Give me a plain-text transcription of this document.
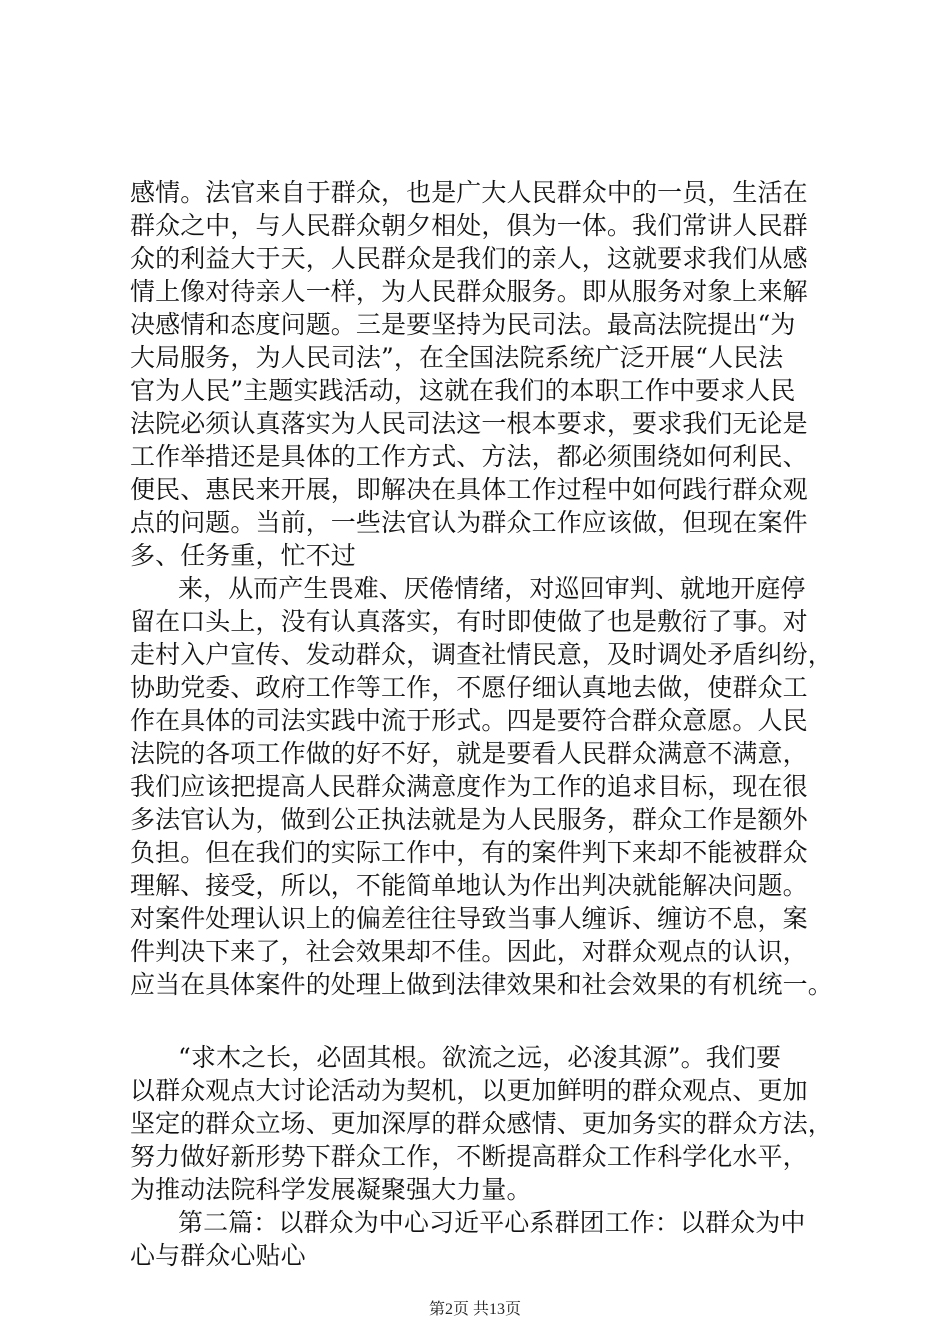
感情。法官来自于群众，也是广大人民群众中的一员，生活在
群众之中，与人民群众朝夕相处，俱为一体。我们常讲人民群
众的利益大于天，人民群众是我们的亲人，这就要求我们从感
情上像对待亲人一样，为人民群众服务。即从服务对象上来解
决感情和态度问题。三是要坚持为民司法。最高法院提出“为
大局服务，为人民司法”，在全国法院系统广泛开展“人民法
官为人民”主题实践活动，这就在我们的本职工作中要求人民
法院必须认真落实为人民司法这一根本要求，要求我们无论是
工作举措还是具体的工作方式、方法，都必须围绕如何利民、
便民、惠民来开展，即解决在具体工作过程中如何践行群众观
点的问题。当前，一些法官认为群众工作应该做，但现在案件
多、任务重，忙不过
来，从而产生畏难、厌倦情绪，对巡回审判、就地开庭停
留在口头上，没有认真落实，有时即使做了也是敷衍了事。对
走村入户宣传、发动群众，调查社情民意，及时调处矛盾纠纷，
协助党委、政府工作等工作，不愿仔细认真地去做，使群众工
作在具体的司法实践中流于形式。四是要符合群众意愿。人民
法院的各项工作做的好不好，就是要看人民群众满意不满意，
我们应该把提高人民群众满意度作为工作的追求目标，现在很
多法官认为，做到公正执法就是为人民服务，群众工作是额外
负担。但在我们的实际工作中，有的案件判下来却不能被群众
理解、接受，所以，不能简单地认为作出判决就能解决问题。
对案件处理认识上的偏差往往导致当事人缠诉、缠访不息，案
件判决下来了，社会效果却不佳。因此，对群众观点的认识，
应当在具体案件的处理上做到法律效果和社会效果的有机统一。
“求木之长，必固其根。欲流之远，必浚其源”。我们要
以群众观点大讨论活动为契机，以更加鲜明的群众观点、更加
坚定的群众立场、更加深厚的群众感情、更加务实的群众方法，
努力做好新形势下群众工作，不断提高群众工作科学化水平，
为推动法院科学发展凝聚强大力量。
第二篇：以群众为中心习近平心系群团工作：以群众为中
心与群众心贴心
第2页 共13页
